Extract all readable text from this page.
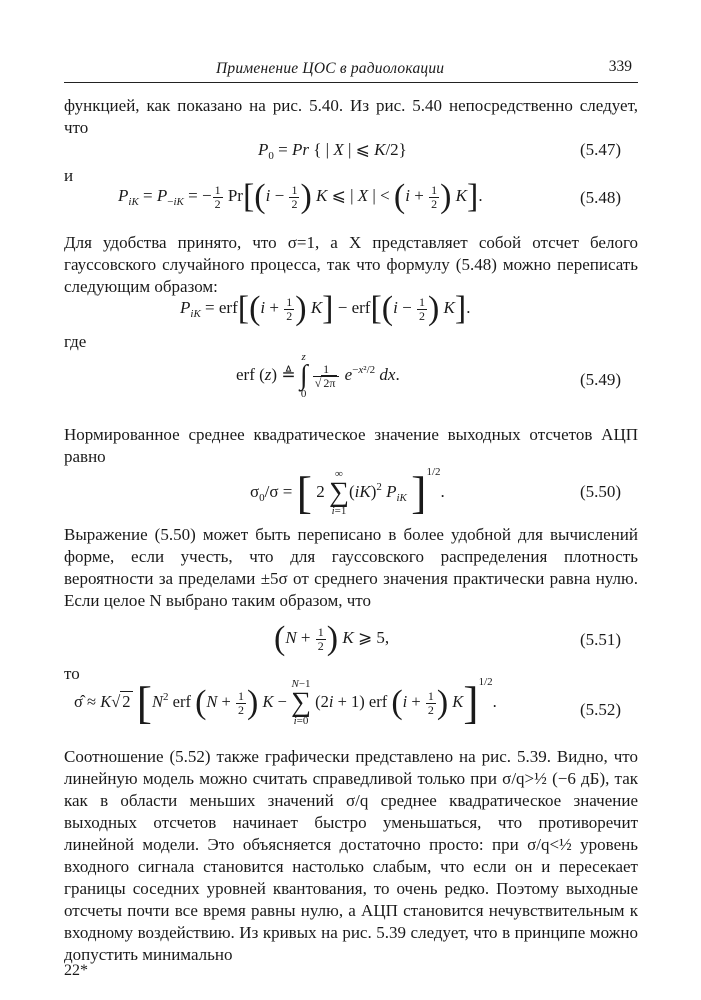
Применение ЦОС в радиолокации	339

функцией, как показано на рис. 5.40. Из рис. 5.40 непосредственно следует, что

$P_0 = Pr$ { | X | ⩽ K/2}	(5.47)
и
$P_{iK} = P_{-iK}$ = − $\frac{1}{2} Pr[(i - \frac{1}{2}$ ) K ⩽ | X | < ($i + \frac{1}{2}$ ) K].	(5.48)

Для удобства принято, что σ=1, а X представляет собой отсчет белого гауссовского случайного процесса, так что формулу (5.48) можно переписать следующим образом:

$P_{iK} = erf[(i + \frac{1}{2}$ ) $K] - erf[(i - \frac{1}{2}$ ) K].
где
erf (z) ≜
z
∫
0

$\frac{1}{√ 2\pi} e^{-x^2/2}$ dx.	(5.49)

Нормированное среднее квадратическое значение выходных отсчетов АЦП равно

$\sigma_0/\sigma$ = [ 2
∞
∑
i=1
(iK)$^2$ $P_{iK}$ ]$^{1/2}$.	(5.50)

Выражение (5.50) может быть переписано в более удобной для вычислений форме, если учесть, что для гауссовского распределения плотность вероятности за пределами ±5σ от среднего значения практически равна нулю. Если целое N выбрано таким образом, что

($N + \frac{1}{2}$ ) K ⩾ 5,	(5.51)
то
σ̂ ≈ K√ 2 [$N^2$ erf ($N + \frac{1}{2}$ ) K −
N−1
∑
i=0
(2i + 1) erf ($i + \frac{1}{2}$ ) K]$^{1/2}$.	(5.52)

Соотношение (5.52) также графически представлено на рис. 5.39. Видно, что линейную модель можно считать справедливой только при σ/q>½ (−6 дБ), так как в области меньших значений σ/q среднее квадратическое значение выходных отсчетов начинает быстро уменьшаться, что противоречит линейной модели. Это объясняется достаточно просто: при σ/q<½ уровень входного сигнала становится настолько слабым, что если он и пересекает границы соседних уровней квантования, то очень редко. Поэтому выходные отсчеты почти все время равны нулю, а АЦП становится нечувствительным к входному воздействию. Из кривых на рис. 5.39 следует, что в принципе можно допустить минимально

22*
